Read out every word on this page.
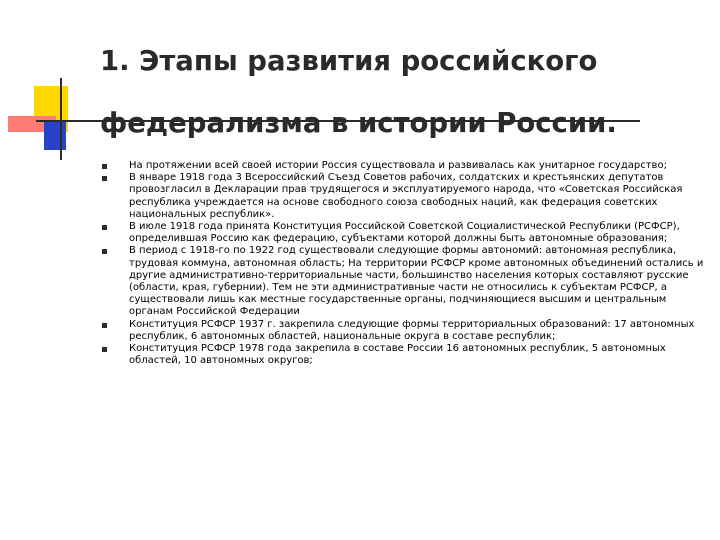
1. Этапы развития российского
федерализма в истории России.
На протяжении всей своей истории Россия существовала и развивалась как унитарное государство;
В январе 1918 года 3 Всероссийский Съезд Советов рабочих, солдатских и крестьянских депутатов провозгласил в Декларации прав трудящегося и эксплуатируемого народа, что «Советская Российская республика учреждается на основе свободного союза свободных наций, как федерация советских национальных республик».
В июле 1918 года принята Конституция Российской Советской Социалистической Республики (РСФСР), определившая Россию как федерацию, субъектами которой должны быть автономные образования;
В период с 1918-го по 1922 год существовали следующие формы автономий: автономная республика, трудовая коммуна, автономная область; На территории РСФСР кроме автономных объединений остались и другие административно-территориальные части, большинство населения которых составляют русские (области, края, губернии). Тем не эти административные части не относились к субъектам РСФСР, а существовали лишь как местные государственные органы, подчиняющиеся высшим и центральным органам Российской Федерации
Конституция РСФСР 1937 г. закрепила следующие формы территориальных образований: 17 автономных республик, 6 автономных областей, национальные округа в составе республик;
Конституция РСФСР 1978 года закрепила в составе России 16 автономных республик, 5 автономных областей, 10 автономных округов;
